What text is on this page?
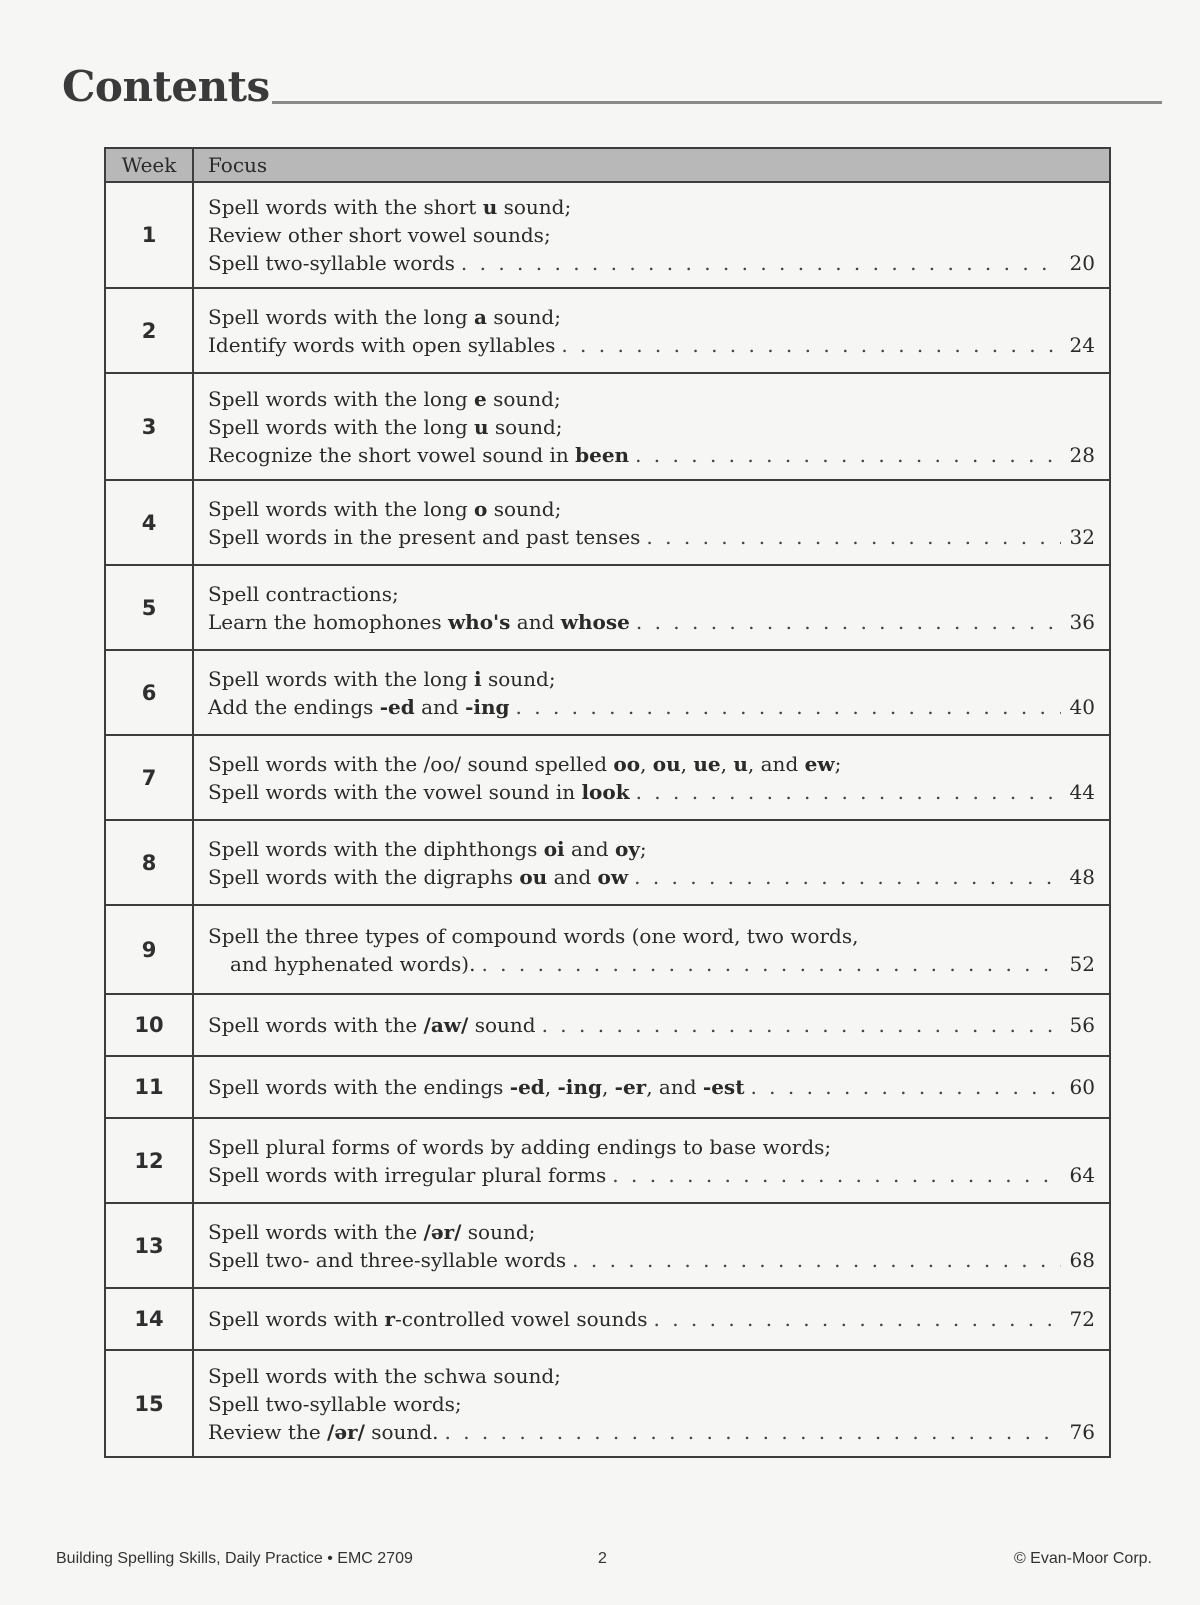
Contents
Week	Focus
1	Spell words with the short u sound;
Review other short vowel sounds;
Spell two-syllable words . . . 20

2	Spell words with the long a sound;
Identify words with open syllables . . . 24

3	Spell words with the long e sound;
Spell words with the long u sound;
Recognize the short vowel sound in been . . . 28

4	Spell words with the long o sound;
Spell words in the present and past tenses . . . 32

5	Spell contractions;
Learn the homophones who's and whose . . . 36

6	Spell words with the long i sound;
Add the endings -ed and -ing . . . 40

7	Spell words with the /oo/ sound spelled oo, ou, ue, u, and ew;
Spell words with the vowel sound in look . . . 44

8	Spell words with the diphthongs oi and oy;
Spell words with the digraphs ou and ow . . . 48

9	Spell the three types of compound words (one word, two words,
and hyphenated words). . . . 52

10	Spell words with the /aw/ sound . . . 56

11	Spell words with the endings -ed, -ing, -er, and -est . . . 60

12	Spell plural forms of words by adding endings to base words;
Spell words with irregular plural forms . . . 64

13	Spell words with the /ər/ sound;
Spell two- and three-syllable words . . . 68

14	Spell words with r-controlled vowel sounds . . . 72

15	Spell words with the schwa sound;
Spell two-syllable words;
Review the /ər/ sound. . . . 76
Building Spelling Skills, Daily Practice • EMC 2709	2	© Evan-Moor Corp.
